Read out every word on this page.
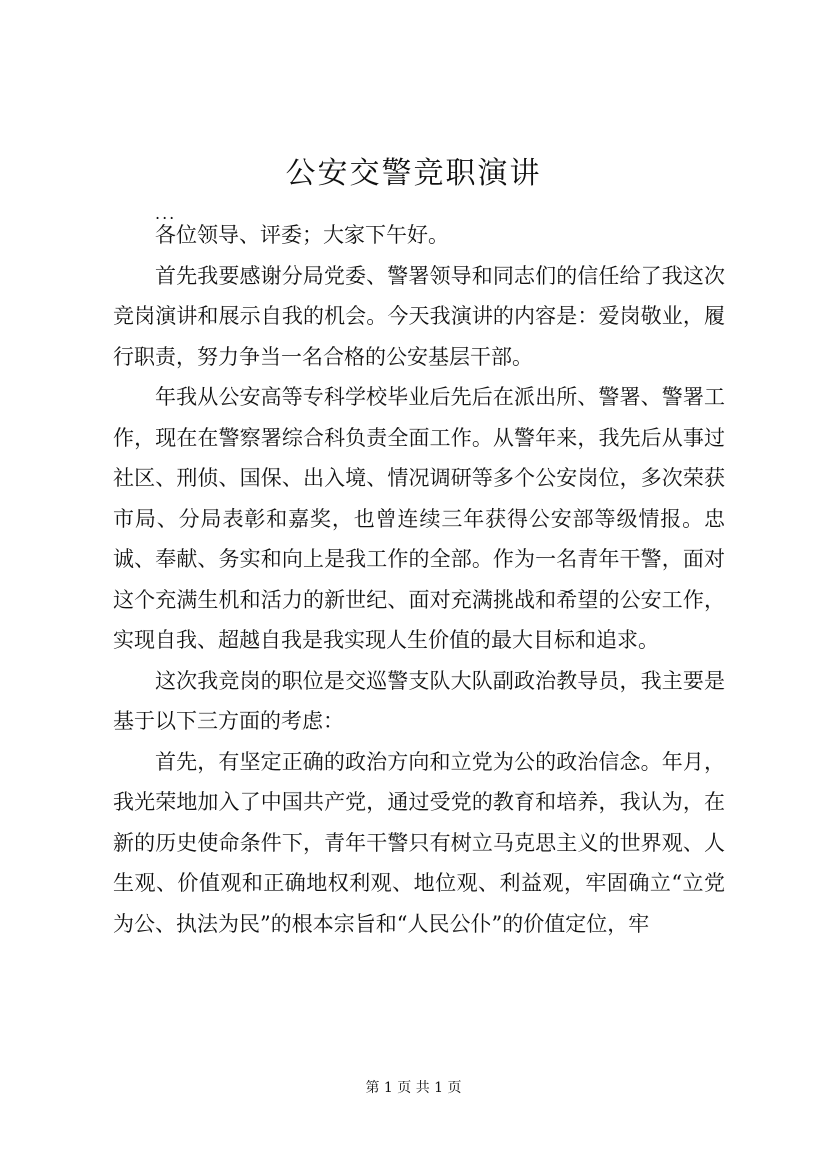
公安交警竞职演讲
...

各位领导、评委；大家下午好。

首先我要感谢分局党委、警署领导和同志们的信任给了我这次竞岗演讲和展示自我的机会。今天我演讲的内容是：爱岗敬业，履行职责，努力争当一名合格的公安基层干部。

年我从公安高等专科学校毕业后先后在派出所、警署、警署工作，现在在警察署综合科负责全面工作。从警年来，我先后从事过社区、刑侦、国保、出入境、情况调研等多个公安岗位，多次荣获市局、分局表彰和嘉奖，也曾连续三年获得公安部等级情报。忠诚、奉献、务实和向上是我工作的全部。作为一名青年干警，面对这个充满生机和活力的新世纪、面对充满挑战和希望的公安工作，实现自我、超越自我是我实现人生价值的最大目标和追求。

这次我竞岗的职位是交巡警支队大队副政治教导员，我主要是基于以下三方面的考虑：

首先，有坚定正确的政治方向和立党为公的政治信念。年月，我光荣地加入了中国共产党，通过受党的教育和培养，我认为，在新的历史使命条件下，青年干警只有树立马克思主义的世界观、人生观、价值观和正确地权利观、地位观、利益观，牢固确立“立党为公、执法为民”的根本宗旨和“人民公仆”的价值定位，牢

第 1 页 共 1 页
